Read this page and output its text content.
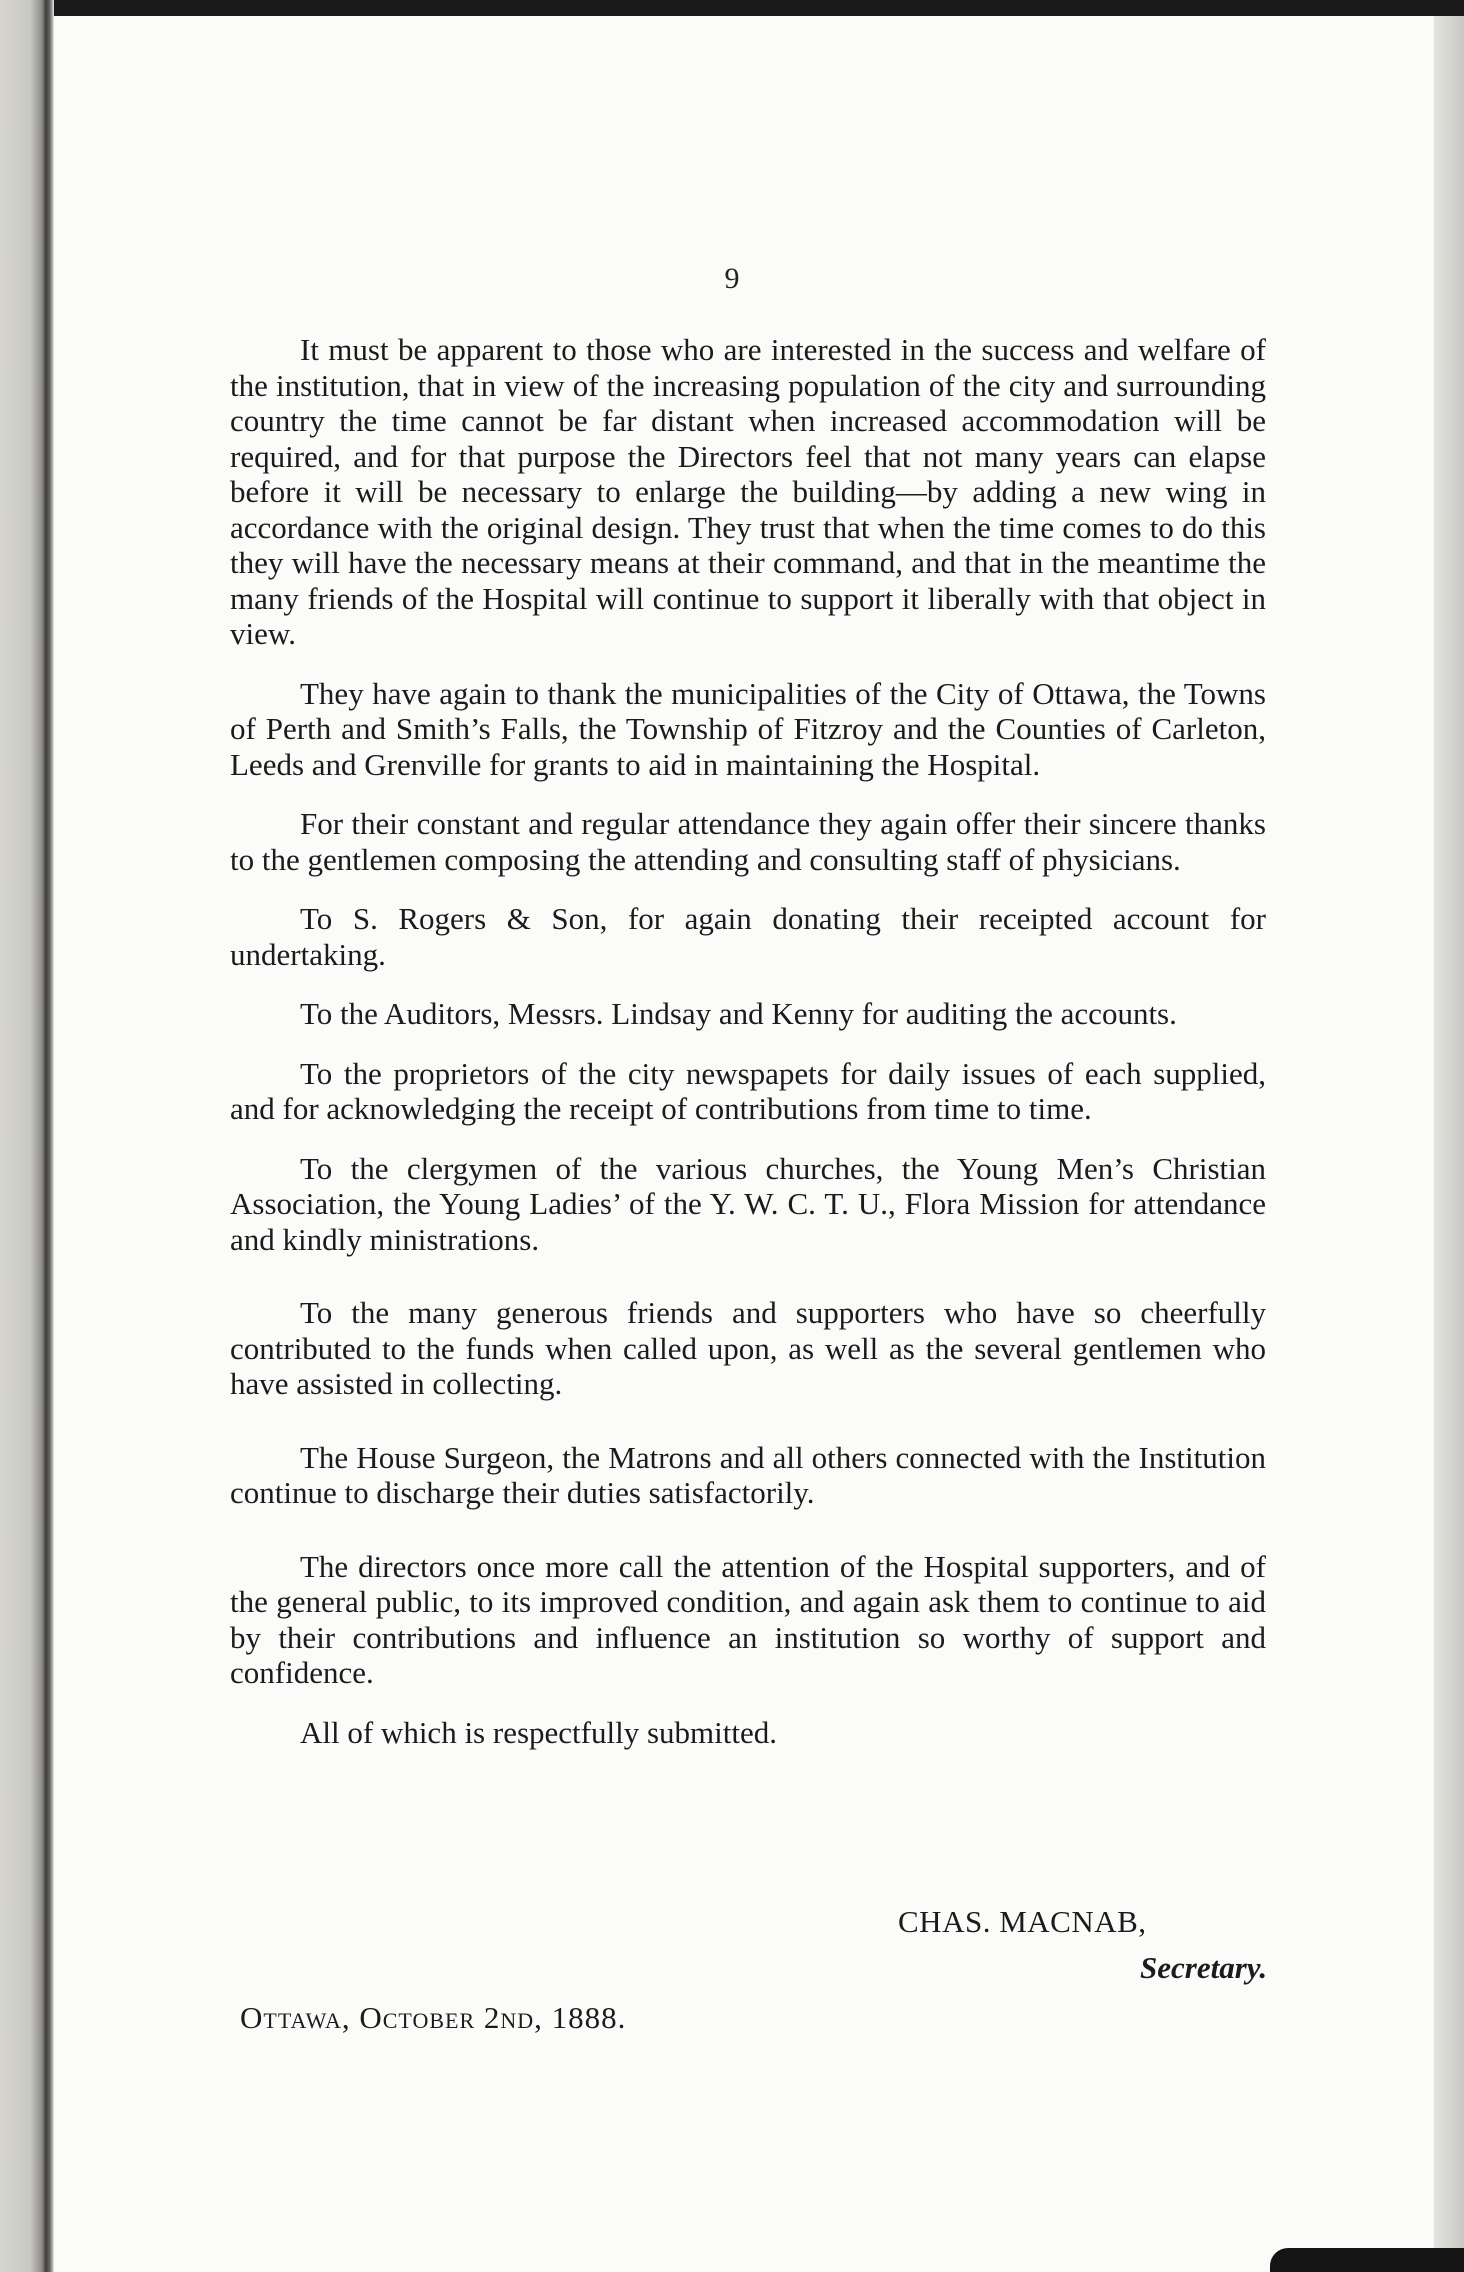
9

It must be apparent to those who are interested in the success and welfare of the institution, that in view of the increasing population of the city and surrounding country the time cannot be far distant when increased accommodation will be required, and for that purpose the Directors feel that not many years can elapse before it will be necessary to enlarge the building—by adding a new wing in accordance with the original design. They trust that when the time comes to do this they will have the necessary means at their command, and that in the meantime the many friends of the Hospital will continue to support it liberally with that object in view.

They have again to thank the municipalities of the City of Ottawa, the Towns of Perth and Smith’s Falls, the Township of Fitzroy and the Counties of Carleton, Leeds and Grenville for grants to aid in maintaining the Hospital.

For their constant and regular attendance they again offer their sincere thanks to the gentlemen composing the attending and consulting staff of physicians.

To S. Rogers & Son, for again donating their receipted account for undertaking.

To the Auditors, Messrs. Lindsay and Kenny for auditing the accounts.

To the proprietors of the city newspapets for daily issues of each supplied, and for acknowledging the receipt of contributions from time to time.

To the clergymen of the various churches, the Young Men’s Christian Association, the Young Ladies’ of the Y. W. C. T. U., Flora Mission for attendance and kindly ministrations.

To the many generous friends and supporters who have so cheerfully contributed to the funds when called upon, as well as the several gentlemen who have assisted in collecting.

The House Surgeon, the Matrons and all others connected with the Institution continue to discharge their duties satisfactorily.

The directors once more call the attention of the Hospital supporters, and of the general public, to its improved condition, and again ask them to continue to aid by their contributions and influence an institution so worthy of support and confidence.

All of which is respectfully submitted.

CHAS. MACNAB,
Secretary.
Ottawa, October 2nd, 1888.
